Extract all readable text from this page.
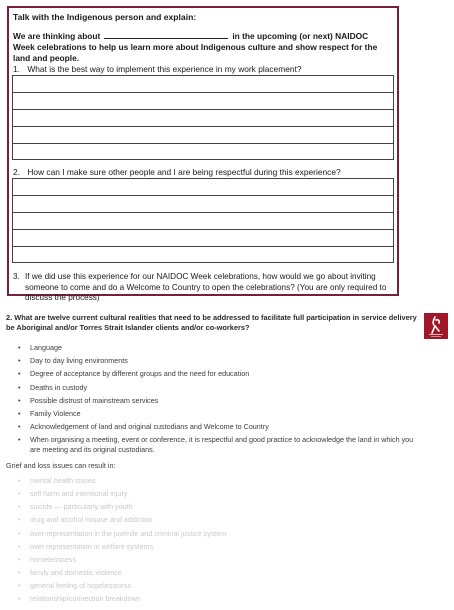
Talk with the Indigenous person and explain:
We are thinking about	in the upcoming (or next) NAIDOC Week celebrations to help us learn more about Indigenous culture and show respect for the land and people.
1. What is the best way to implement this experience in my work placement?
2. How can I make sure other people and I are being respectful during this experience?
3. If we did use this experience for our NAIDOC Week celebrations, how would we go about inviting
someone to come and do a Welcome to Country to open the celebrations? (You are only required to discuss the process)
2. What are twelve current cultural realities that need to be addressed to facilitate full participation in service delivery be Aboriginal and/or Torres Strait Islander clients and/or co-workers?
• Language
• Day to day living environments
• Degree of acceptance by different groups and the need for education
• Deaths in custody
• Possible distrust of mainstream services
• Family Violence
• Acknowledgement of land and original custodians and Welcome to Country
• When organising a meeting, event or conference, it is respectful and good practice to acknowledge the land in which you are meeting and its original custodians.
Grief and loss issues can result in:
• mental health issues
• self harm and intentional injury
• suicide — particularly with youth
• drug and alcohol misuse and addiction
• over-representation in the juvenile and criminal justice system
• over representation in welfare systems
• homelessness
• family and domestic violence
• general feeling of hopelessness
• relationship/connection breakdown
